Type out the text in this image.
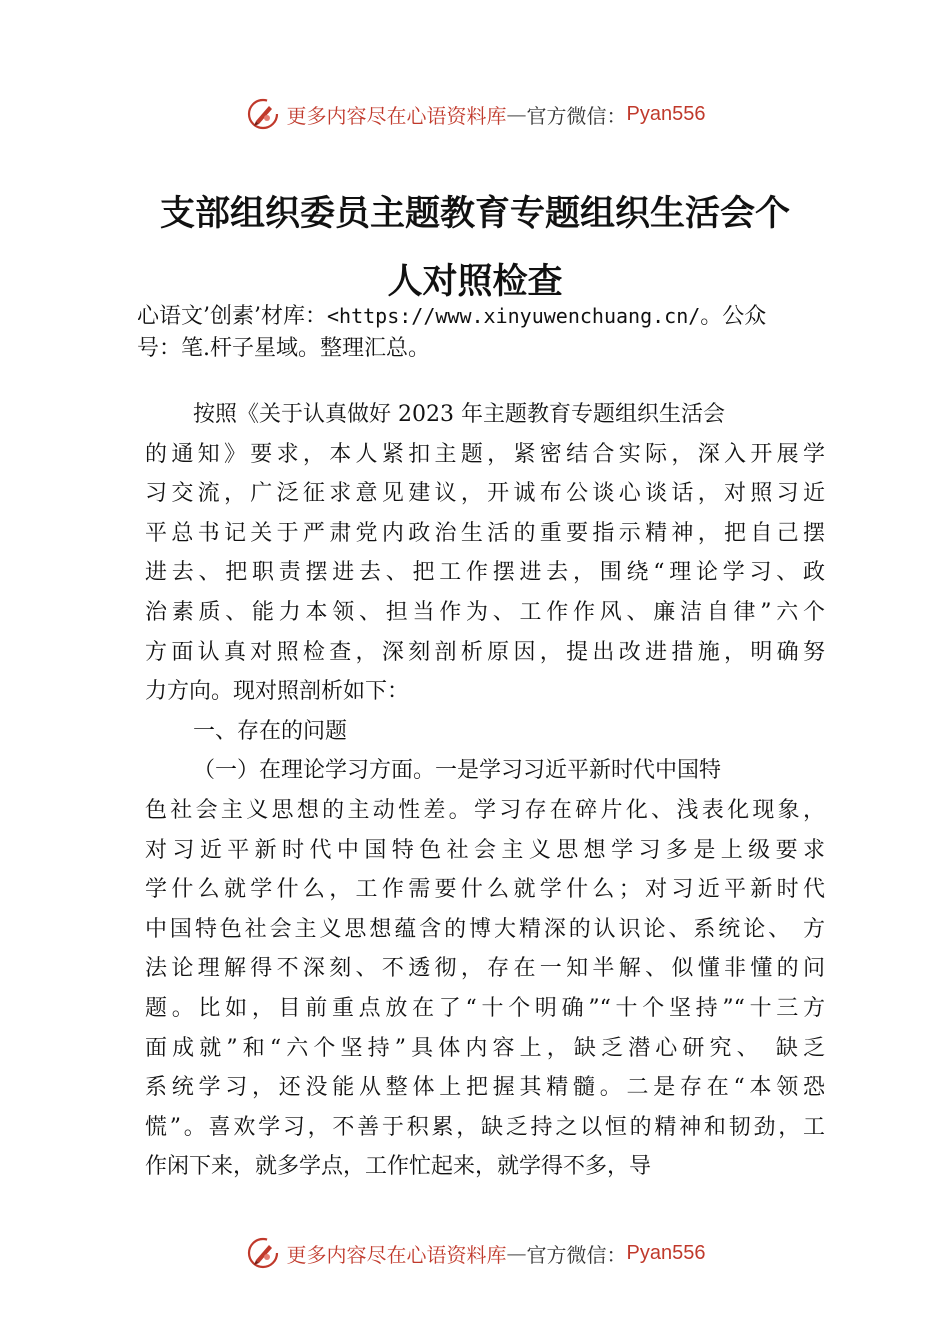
更多内容尽在心语资料库 — 官方微信： Pyan556
支部组织委员主题教育专题组织生活会个
人对照检查
心语文’创素’材库：<https://www.xinyuwenchuang.cn/。公众
号：笔.杆子星域。整理汇总。
按照《关于认真做好 2023 年主题教育专题组织生活会
的通知》要求，本人紧扣主题，紧密结合实际，深入开展学
习交流，广泛征求意见建议，开诚布公谈心谈话，对照习近
平总书记关于严肃党内政治生活的重要指示精神，把自己摆
进去、把职责摆进去、把工作摆进去，围绕“理论学习、政
治素质、能力本领、担当作为、工作作风、廉洁自律”六个
方面认真对照检查，深刻剖析原因，提出改进措施，明确努
力方向。现对照剖析如下：
一、存在的问题
（一）在理论学习方面。一是学习习近平新时代中国特
色社会主义思想的主动性差。学习存在碎片化、浅表化现象，
对习近平新时代中国特色社会主义思想学习多是上级要求
学什么就学什么，工作需要什么就学什么；对习近平新时代
中国特色社会主义思想蕴含的博大精深的认识论、系统论、 方
法论理解得不深刻、不透彻，存在一知半解、似懂非懂的问
题。比如，目前重点放在了“十个明确”“十个坚持”“十三方
面成就”和“六个坚持”具体内容上，缺乏潜心研究、 缺乏
系统学习，还没能从整体上把握其精髓。二是存在“本领恐
慌”。喜欢学习，不善于积累，缺乏持之以恒的精神和韧劲，工
作闲下来，就多学点，工作忙起来，就学得不多，导
更多内容尽在心语资料库 — 官方微信： Pyan556
